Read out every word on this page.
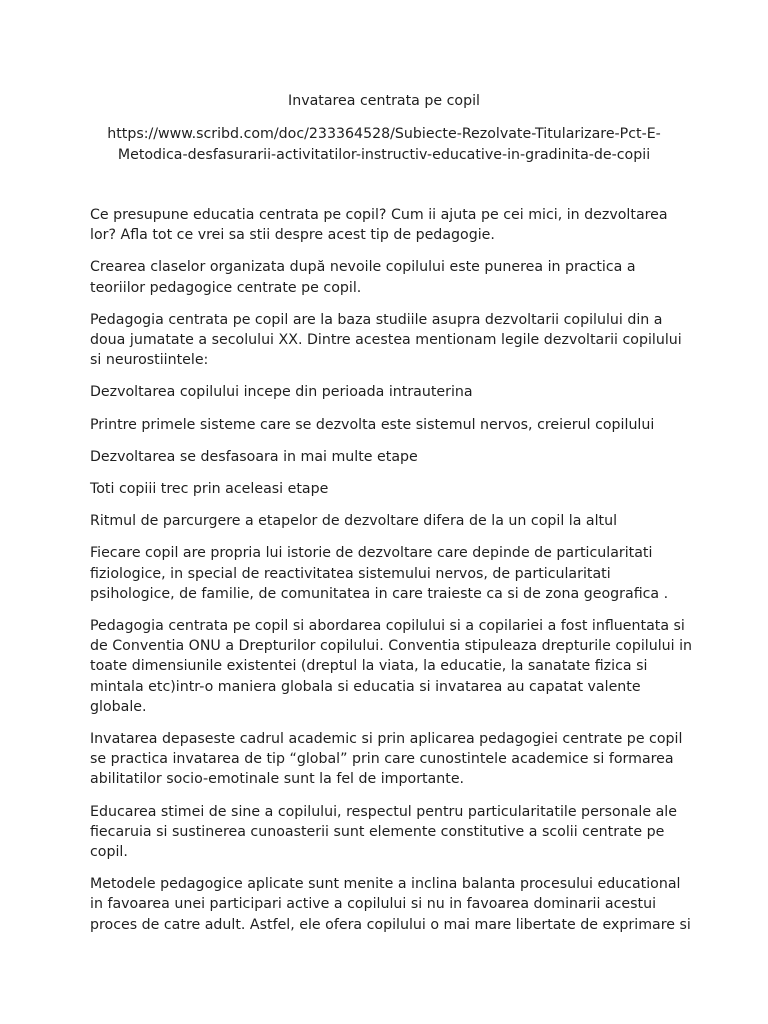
Invatarea centrata pe copil
https://www.scribd.com/doc/233364528/Subiecte-Rezolvate-Titularizare-Pct-E-
Metodica-desfasurarii-activitatilor-instructiv-educative-in-gradinita-de-copii

Ce presupune educatia centrata pe copil? Cum ii ajuta pe cei mici, in dezvoltarea
lor? Afla tot ce vrei sa stii despre acest tip de pedagogie.

Crearea claselor organizata după nevoile copilului este punerea in practica a
teoriilor pedagogice centrate pe copil.

Pedagogia centrata pe copil are la baza studiile asupra dezvoltarii copilului din a
doua jumatate a secolului XX. Dintre acestea mentionam legile dezvoltarii copilului
si neurostiintele:

Dezvoltarea copilului incepe din perioada intrauterina

Printre primele sisteme care se dezvolta este sistemul nervos, creierul copilului

Dezvoltarea se desfasoara in mai multe etape

Toti copiii trec prin aceleasi etape

Ritmul de parcurgere a etapelor de dezvoltare difera de la un copil la altul

Fiecare copil are propria lui istorie de dezvoltare care depinde de particularitati
fiziologice, in special de reactivitatea sistemului nervos, de particularitati
psihologice, de familie, de comunitatea in care traieste ca si de zona geografica .

Pedagogia centrata pe copil si abordarea copilului si a copilariei a fost influentata si
de Conventia ONU a Drepturilor copilului. Conventia stipuleaza drepturile copilului in
toate dimensiunile existentei (dreptul la viata, la educatie, la sanatate fizica si
mintala etc)intr-o maniera globala si educatia si invatarea au capatat valente
globale.

Invatarea depaseste cadrul academic si prin aplicarea pedagogiei centrate pe copil
se practica invatarea de tip “global” prin care cunostintele academice si formarea
abilitatilor socio-emotinale sunt la fel de importante.

Educarea stimei de sine a copilului, respectul pentru particularitatile personale ale
fiecaruia si sustinerea cunoasterii sunt elemente constitutive a scolii centrate pe
copil.

Metodele pedagogice aplicate sunt menite a inclina balanta procesului educational
in favoarea unei participari active a copilului si nu in favoarea dominarii acestui
proces de catre adult. Astfel, ele ofera copilului o mai mare libertate de exprimare si
